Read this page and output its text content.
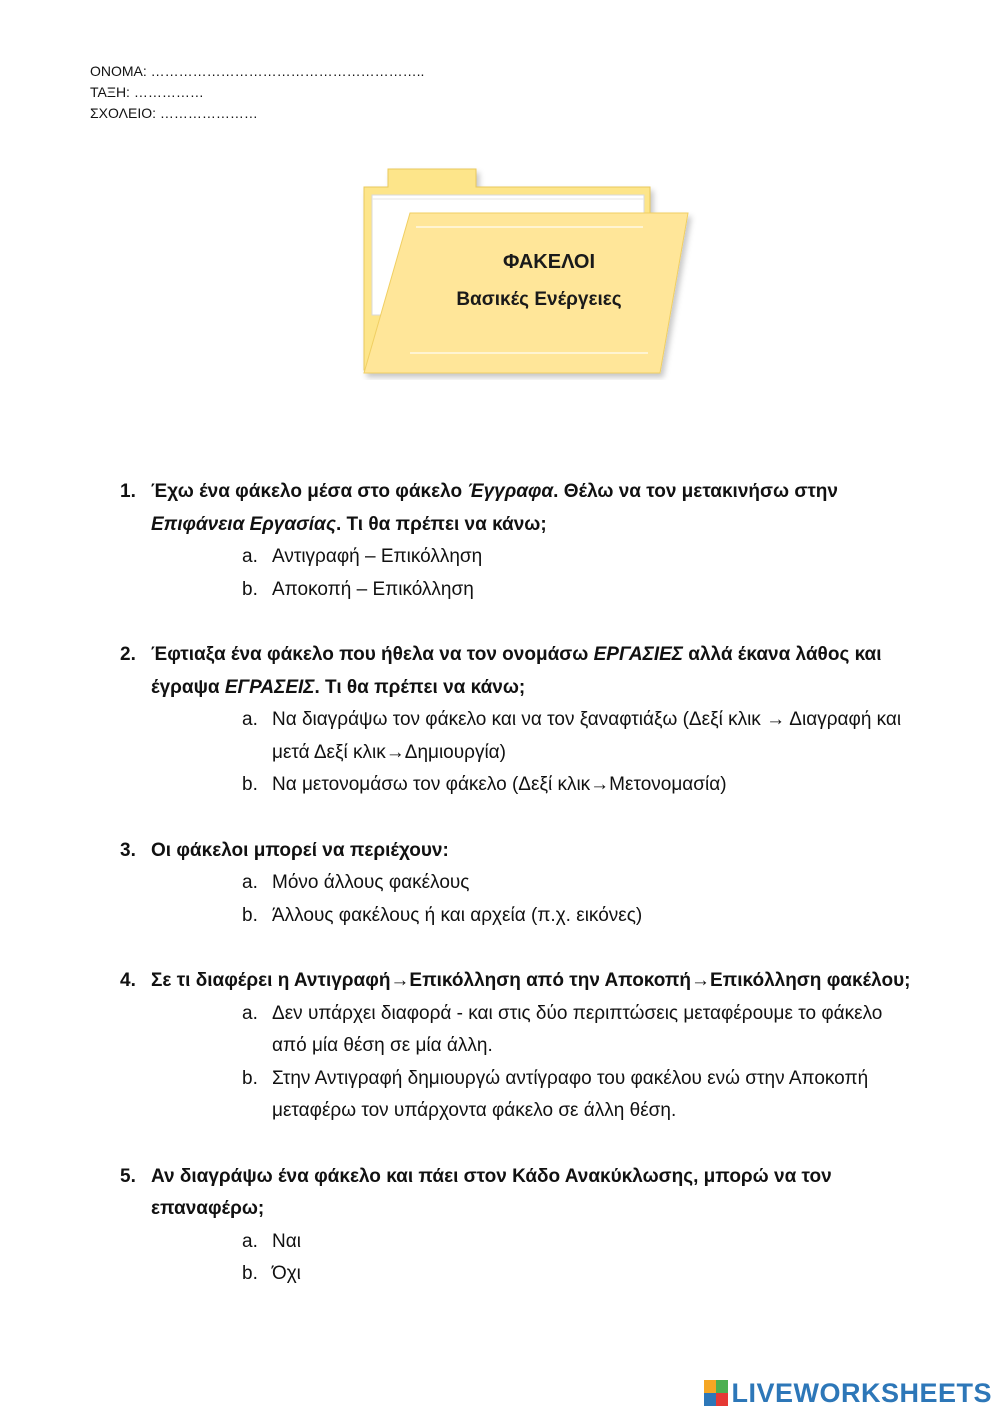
ΟΝΟΜΑ: …………………………………………………..
ΤΑΞΗ: ……………
ΣΧΟΛΕΙΟ: …………………
ΦΑΚΕΛΟΙ
Βασικές Ενέργειες
1. Έχω ένα φάκελο μέσα στο φάκελο Έγγραφα. Θέλω να τον μετακινήσω στην Επιφάνεια Εργασίας. Τι θα πρέπει να κάνω;
a. Αντιγραφή – Επικόλληση
b. Αποκοπή – Επικόλληση
2. Έφτιαξα ένα φάκελο που ήθελα να τον ονομάσω ΕΡΓΑΣΙΕΣ αλλά έκανα λάθος και έγραψα ΕΓΡΑΣΕΙΣ. Τι θα πρέπει να κάνω;
a. Να διαγράψω τον φάκελο και να τον ξαναφτιάξω (Δεξί κλικ → Διαγραφή και μετά Δεξί κλικ→Δημιουργία)
b. Να μετονομάσω τον φάκελο (Δεξί κλικ→Μετονομασία)
3. Οι φάκελοι μπορεί να περιέχουν:
a. Μόνο άλλους φακέλους
b. Άλλους φακέλους ή και αρχεία (π.χ. εικόνες)
4. Σε τι διαφέρει η Αντιγραφή→Επικόλληση από την Αποκοπή→Επικόλληση φακέλου;
a. Δεν υπάρχει διαφορά - και στις δύο περιπτώσεις μεταφέρουμε το φάκελο από μία θέση σε μία άλλη.
b. Στην Αντιγραφή δημιουργώ αντίγραφο του φακέλου ενώ στην Αποκοπή μεταφέρω τον υπάρχοντα φάκελο σε άλλη θέση.
5. Αν διαγράψω ένα φάκελο και πάει στον Κάδο Ανακύκλωσης, μπορώ να τον επαναφέρω;
a. Ναι
b. Όχι
LIVEWORKSHEETS
